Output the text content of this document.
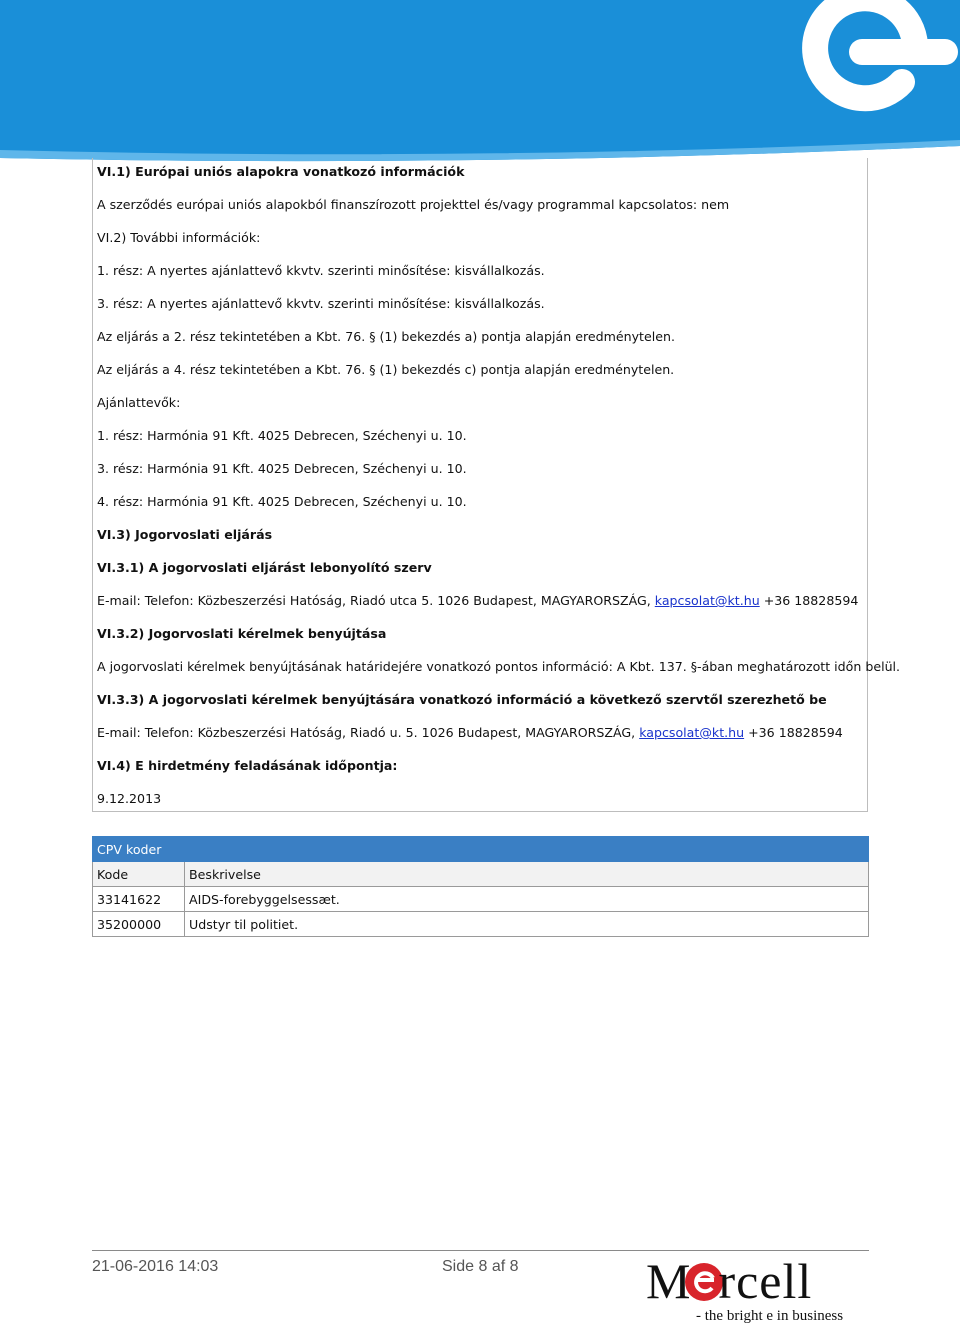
VI.1) Európai uniós alapokra vonatkozó információk
A szerződés európai uniós alapokból finanszírozott projekttel és/vagy programmal kapcsolatos: nem
VI.2) További információk:
1. rész: A nyertes ajánlattevő kkvtv. szerinti minősítése: kisvállalkozás.
3. rész: A nyertes ajánlattevő kkvtv. szerinti minősítése: kisvállalkozás.
Az eljárás a 2. rész tekintetében a Kbt. 76. § (1) bekezdés a) pontja alapján eredménytelen.
Az eljárás a 4. rész tekintetében a Kbt. 76. § (1) bekezdés c) pontja alapján eredménytelen.
Ajánlattevők:
1. rész: Harmónia 91 Kft. 4025 Debrecen, Széchenyi u. 10.
3. rész: Harmónia 91 Kft. 4025 Debrecen, Széchenyi u. 10.
4. rész: Harmónia 91 Kft. 4025 Debrecen, Széchenyi u. 10.
VI.3) Jogorvoslati eljárás
VI.3.1) A jogorvoslati eljárást lebonyolító szerv
E-mail: Telefon: Közbeszerzési Hatóság, Riadó utca 5. 1026 Budapest, MAGYARORSZÁG, kapcsolat@kt.hu +36 18828594
VI.3.2) Jogorvoslati kérelmek benyújtása
A jogorvoslati kérelmek benyújtásának határidejére vonatkozó pontos információ: A Kbt. 137. §-ában meghatározott időn belül.
VI.3.3) A jogorvoslati kérelmek benyújtására vonatkozó információ a következő szervtől szerezhető be
E-mail: Telefon: Közbeszerzési Hatóság, Riadó u. 5. 1026 Budapest, MAGYARORSZÁG, kapcsolat@kt.hu +36 18828594
VI.4) E hirdetmény feladásának időpontja:
9.12.2013
CPV koder	
Kode	Beskrivelse
33141622	AIDS-forebyggelsessæt.
35200000	Udstyr til politiet.
21-06-2016 14:03	Side 8 af 8	M  rcell
- the bright e in business
